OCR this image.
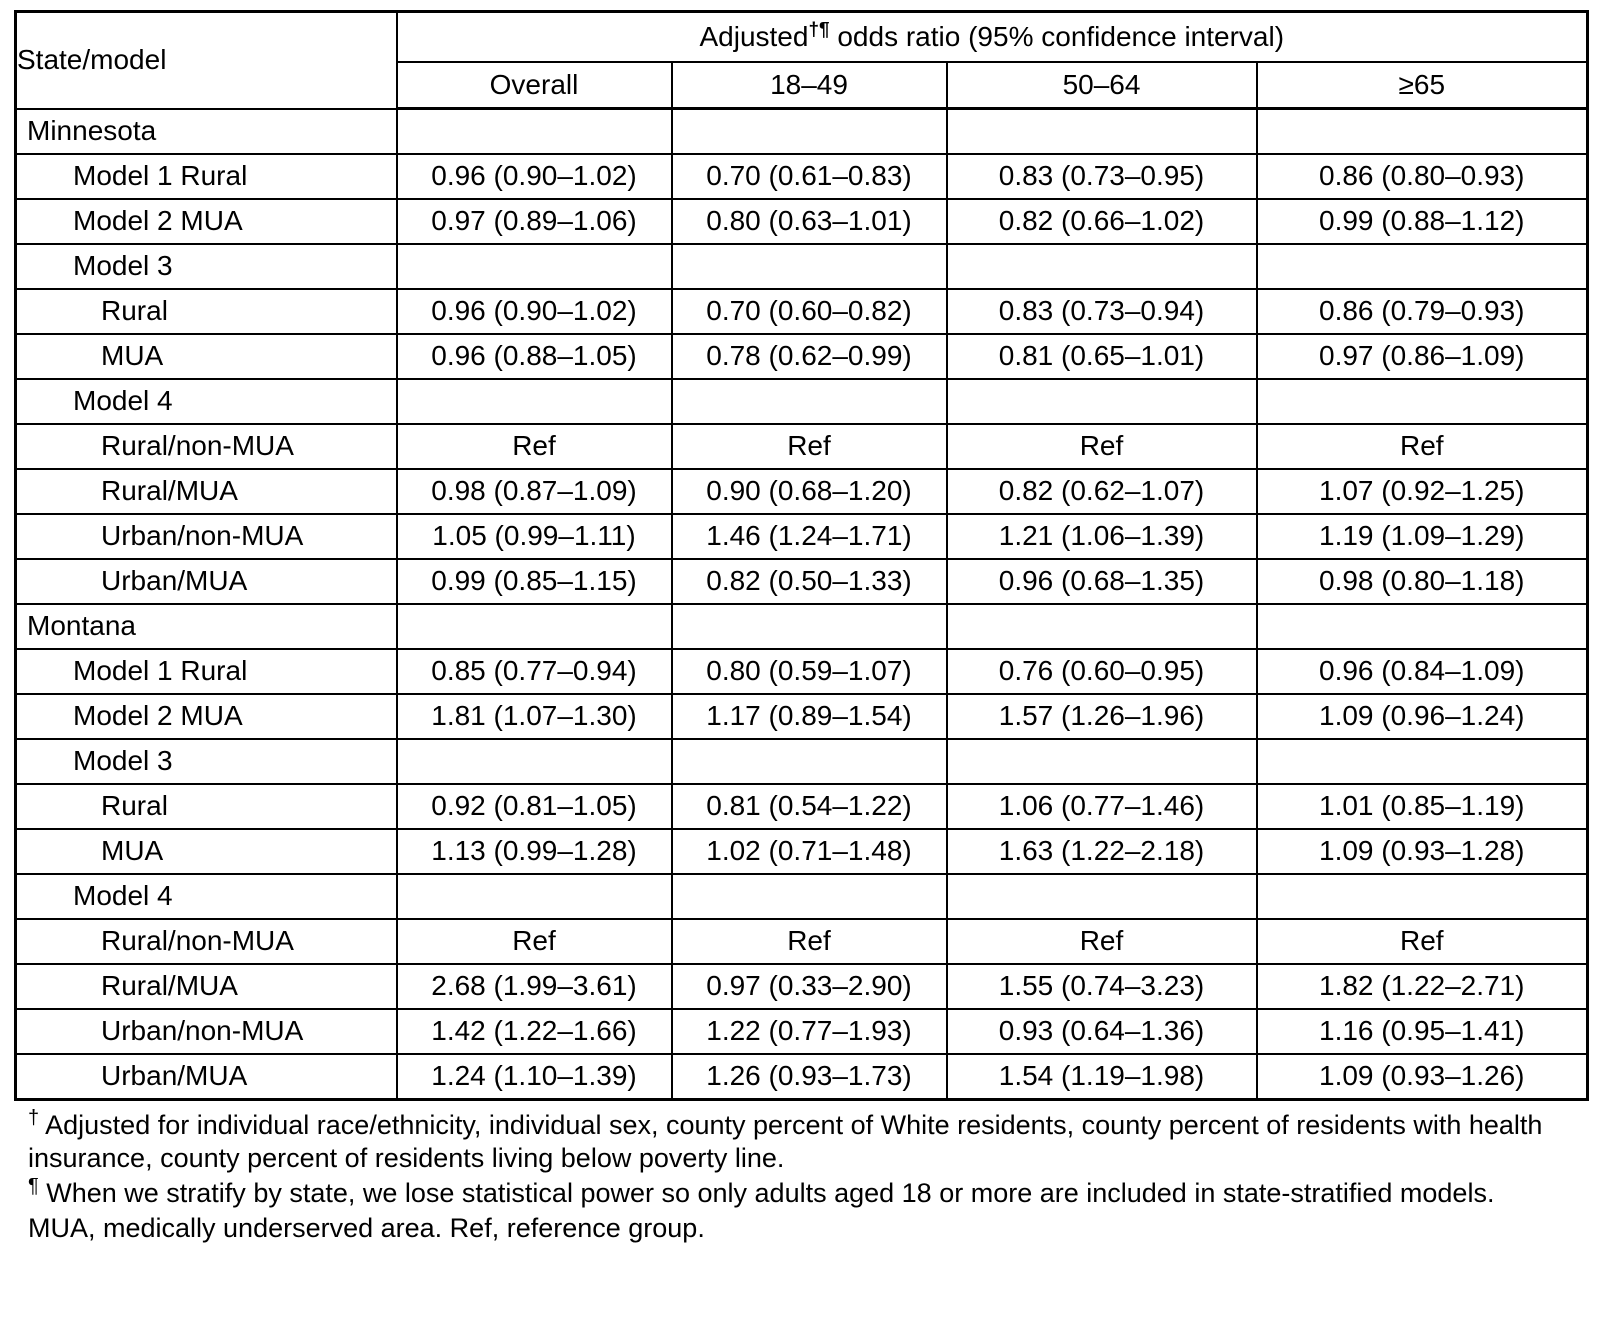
State/model	Adjusted†¶ odds ratio (95% confidence interval)			
	Overall	18–49	50–64	≥65
Minnesota				
Model 1 Rural	0.96 (0.90–1.02)	0.70 (0.61–0.83)	0.83 (0.73–0.95)	0.86 (0.80–0.93)
Model 2 MUA	0.97 (0.89–1.06)	0.80 (0.63–1.01)	0.82 (0.66–1.02)	0.99 (0.88–1.12)
Model 3				
Rural	0.96 (0.90–1.02)	0.70 (0.60–0.82)	0.83 (0.73–0.94)	0.86 (0.79–0.93)
MUA	0.96 (0.88–1.05)	0.78 (0.62–0.99)	0.81 (0.65–1.01)	0.97 (0.86–1.09)
Model 4				
Rural/non-MUA	Ref	Ref	Ref	Ref
Rural/MUA	0.98 (0.87–1.09)	0.90 (0.68–1.20)	0.82 (0.62–1.07)	1.07 (0.92–1.25)
Urban/non-MUA	1.05 (0.99–1.11)	1.46 (1.24–1.71)	1.21 (1.06–1.39)	1.19 (1.09–1.29)
Urban/MUA	0.99 (0.85–1.15)	0.82 (0.50–1.33)	0.96 (0.68–1.35)	0.98 (0.80–1.18)
Montana				
Model 1 Rural	0.85 (0.77–0.94)	0.80 (0.59–1.07)	0.76 (0.60–0.95)	0.96 (0.84–1.09)
Model 2 MUA	1.81 (1.07–1.30)	1.17 (0.89–1.54)	1.57 (1.26–1.96)	1.09 (0.96–1.24)
Model 3				
Rural	0.92 (0.81–1.05)	0.81 (0.54–1.22)	1.06 (0.77–1.46)	1.01 (0.85–1.19)
MUA	1.13 (0.99–1.28)	1.02 (0.71–1.48)	1.63 (1.22–2.18)	1.09 (0.93–1.28)
Model 4				
Rural/non-MUA	Ref	Ref	Ref	Ref
Rural/MUA	2.68 (1.99–3.61)	0.97 (0.33–2.90)	1.55 (0.74–3.23)	1.82 (1.22–2.71)
Urban/non-MUA	1.42 (1.22–1.66)	1.22 (0.77–1.93)	0.93 (0.64–1.36)	1.16 (0.95–1.41)
Urban/MUA	1.24 (1.10–1.39)	1.26 (0.93–1.73)	1.54 (1.19–1.98)	1.09 (0.93–1.26)

† Adjusted for individual race/ethnicity, individual sex, county percent of White residents, county percent of residents with health insurance, county percent of residents living below poverty line.

¶ When we stratify by state, we lose statistical power so only adults aged 18 or more are included in state-stratified models.

MUA, medically underserved area. Ref, reference group.
